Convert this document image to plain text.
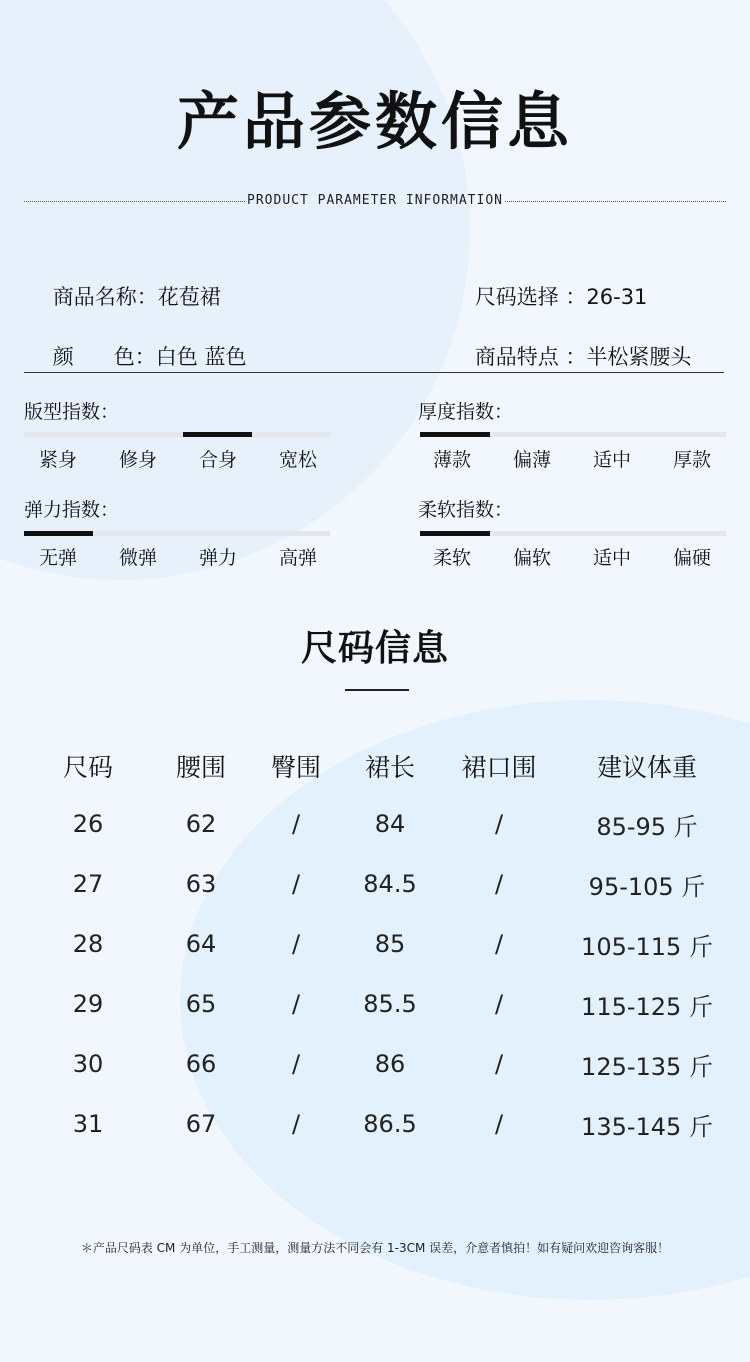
产品参数信息
PRODUCT PARAMETER INFORMATION

商品名称：花苞裙
	尺码选择 ：26-31

颜      色：白色 蓝色
	商品特点 ：半松紧腰头

版型指数：
紧身	修身	合身	宽松
厚度指数：
薄款	偏薄	适中	厚款
弹力指数：
无弹	微弹	弹力	高弹
柔软指数：
柔软	偏软	适中	偏硬
尺码信息
尺码	腰围	臀围	裙长	裙口围	建议体重
26	62	/	84	/	85-95 斤
27	63	/	84.5	/	95-105 斤
28	64	/	85	/	105-115 斤
29	65	/	85.5	/	115-125 斤
30	66	/	86	/	125-135 斤
31	67	/	86.5	/	135-145 斤
＊产品尺码表 CM 为单位，手工测量，测量方法不同会有 1-3CM 误差，介意者慎拍！如有疑问欢迎咨询客服！
